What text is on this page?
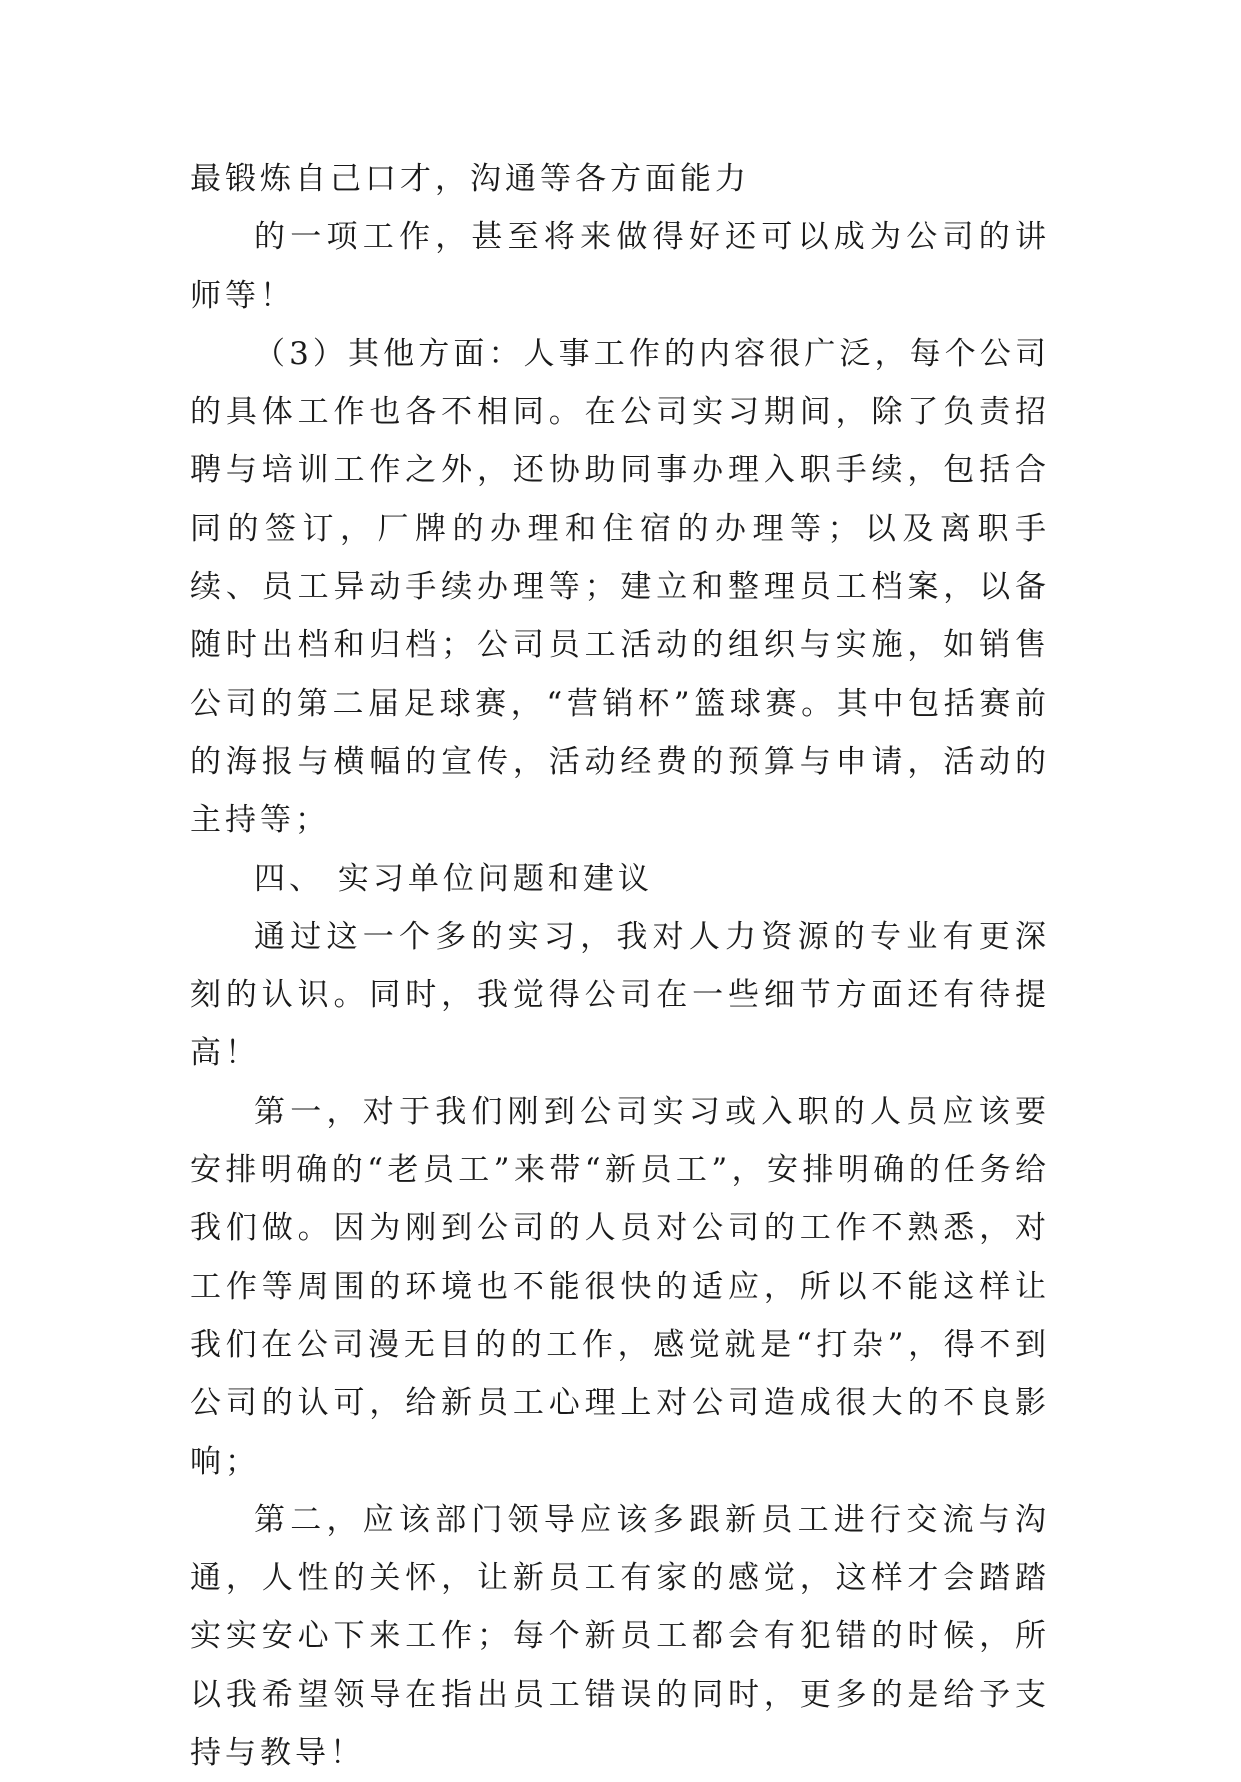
最锻炼自己口才，沟通等各方面能力

的一项工作，甚至将来做得好还可以成为公司的讲师等！

（3）其他方面：人事工作的内容很广泛，每个公司的具体工作也各不相同。在公司实习期间，除了负责招聘与培训工作之外，还协助同事办理入职手续，包括合同的签订，厂牌的办理和住宿的办理等；以及离职手续、员工异动手续办理等；建立和整理员工档案，以备随时出档和归档；公司员工活动的组织与实施，如销售公司的第二届足球赛，“营销杯”篮球赛。其中包括赛前的海报与横幅的宣传，活动经费的预算与申请，活动的主持等；

四、 实习单位问题和建议

通过这一个多的实习，我对人力资源的专业有更深刻的认识。同时，我觉得公司在一些细节方面还有待提高！

第一，对于我们刚到公司实习或入职的人员应该要安排明确的“老员工”来带“新员工”，安排明确的任务给我们做。因为刚到公司的人员对公司的工作不熟悉，对工作等周围的环境也不能很快的适应，所以不能这样让我们在公司漫无目的的工作，感觉就是“打杂”，得不到公司的认可，给新员工心理上对公司造成很大的不良影响；

第二，应该部门领导应该多跟新员工进行交流与沟通，人性的关怀，让新员工有家的感觉，这样才会踏踏实实安心下来工作；每个新员工都会有犯错的时候，所以我希望领导在指出员工错误的同时，更多的是给予支持与教导！
